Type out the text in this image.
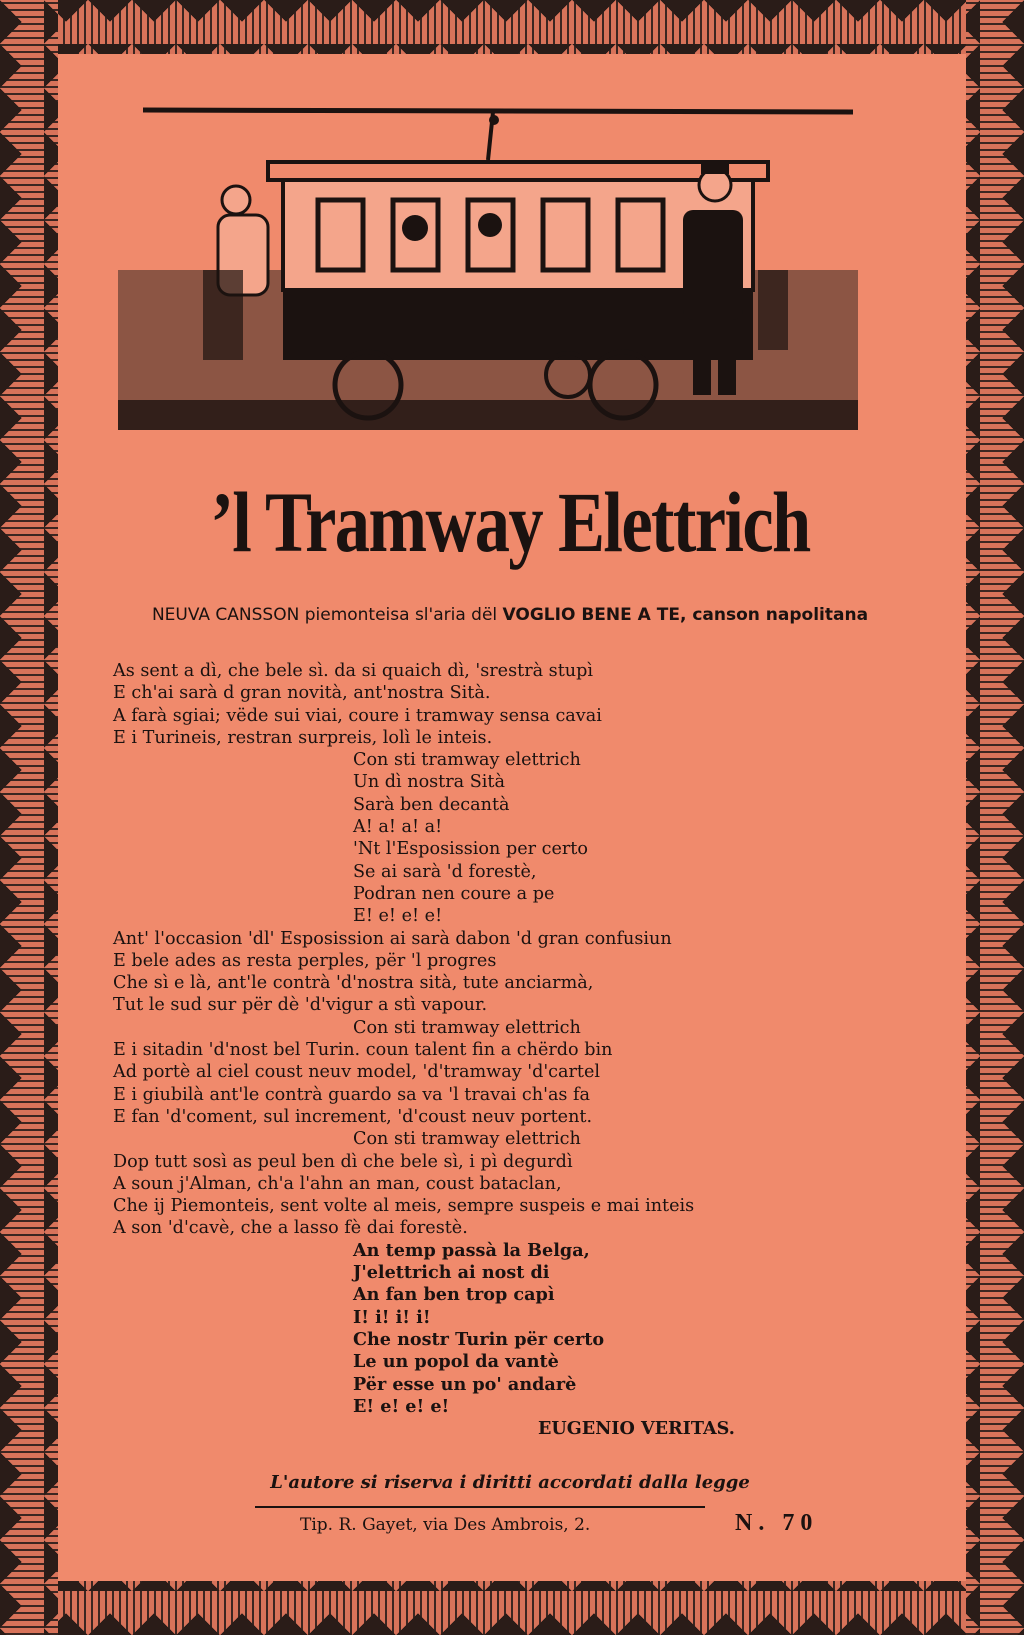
’l Tramway Elettrich
NEUVA CANSSON piemonteisa sl'aria dël VOGLIO BENE A TE, canson napolitana
As sent a dì, che bele sì. da si quaich dì, 'srestrà stupì
E ch'ai sarà d gran novità, ant'nostra Sità.
A farà sgiai; vëde sui viai, coure i tramway sensa cavai
E i Turineis, restran surpreis, lolì le inteis.
Con sti tramway elettrich
Un dì nostra Sità
Sarà ben decantà
A! a! a! a!
'Nt l'Esposission per certo
Se ai sarà 'd forestè,
Podran nen coure a pe
E! e! e! e!
Ant' l'occasion 'dl' Esposission ai sarà dabon 'd gran confusiun
E bele ades as resta perples, për 'l progres
Che sì e là, ant'le contrà 'd'nostra sità, tute anciarmà,
Tut le sud sur për dè 'd'vigur a stì vapour.
Con sti tramway elettrich
E i sitadin 'd'nost bel Turin. coun talent fin a chërdo bin
Ad portè al ciel coust neuv model, 'd'tramway 'd'cartel
E i giubilà ant'le contrà guardo sa va 'l travai ch'as fa
E fan 'd'coment, sul increment, 'd'coust neuv portent.
Con sti tramway elettrich
Dop tutt sosì as peul ben dì che bele sì, i pì degurdì
A soun j'Alman, ch'a l'ahn an man, coust bataclan,
Che ij Piemonteis, sent volte al meis, sempre suspeis e mai inteis
A son 'd'cavè, che a lasso fè dai forestè.
An temp passà la Belga,
J'elettrich ai nost di
An fan ben trop capì
I! i! i! i!
Che nostr Turin për certo
Le un popol da vantè
Për esse un po' andarè
E! e! e! e!
EUGENIO VERITAS.
L'autore si riserva i diritti accordati dalla legge
Tip. R. Gayet, via Des Ambrois, 2.	N. 70
